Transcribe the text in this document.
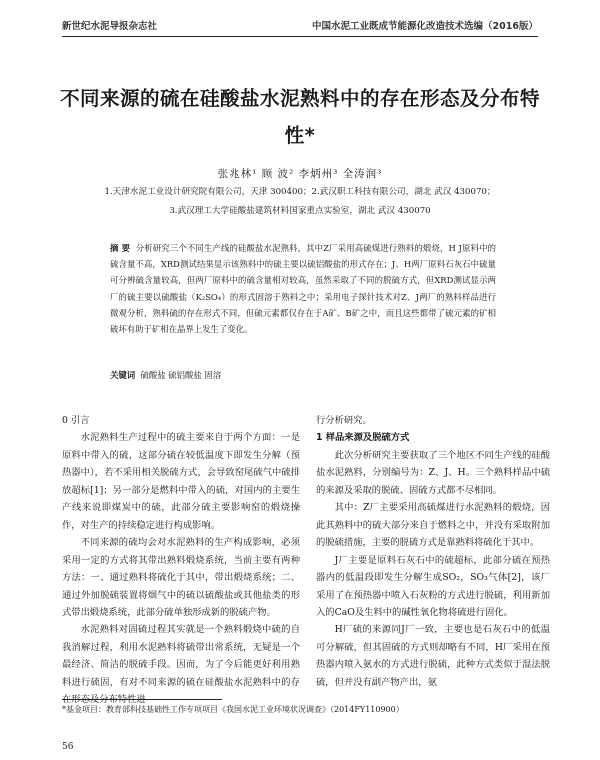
新世纪水泥导报杂志社	中国水泥工业既成节能源化改造技术选编（2016版）
不同来源的硫在硅酸盐水泥熟料中的存在形态及分布特性*
张兆林¹ 顾 波² 李炳州³ 全涛润³
1.天津水泥工业设计研究院有限公司，天津 300400；2.武汉职工科技有限公司，湖北 武汉 430070；
3.武汉理工大学硅酸盐建筑材料国家重点实验室，湖北 武汉 430070
摘 要 分析研究三个不同生产线的硅酸盐水泥熟料，其中Z厂采用高硫煤进行熟料的煅烧，H J原料中的硫含量不高，XRD测试结果显示该熟料中的硫主要以硫铝酸盐的形式存在；J、H两厂原料石灰石中硫量可分辨硫含量较高，但两厂原料中的硫含量相对较高，虽然采取了不同的脱硫方式，但XRD测试显示两厂的硫主要以硫酸盐（K₂SO₄）的形式固溶于熟料之中；采用电子探针技术对Z、J两厂的熟料样品进行微观分析，熟料硫的存在形式不同，但硫元素都仅存在于A矿、B矿之中，而且这些都带了硫元素的矿相破坏有助于矿相在晶界上发生了变化。
关键词 硫酸盐 硫铝酸盐 固溶
0 引言

水泥熟料生产过程中的硫主要来自于两个方面：一是原料中带入的硫，这部分硫在较低温度下即发生分解（预热器中），若不采用相关脱硫方式，会导致窑尾硫气中硫排放超标[1]；另一部分是燃料中带入的硫，对国内的主要生产线来说即煤炭中的硫，此部分硫主要影响窑的煅烧操作，对生产的持续稳定进行构成影响。

不同来源的硫均会对水泥熟料的生产构成影响，必须采用一定的方式将其带出熟料煅烧系统，当前主要有两种方法：一、通过熟料将硫化于其中，带出煅烧系统；二、通过外加脱硫装置将烟气中的硫以硫酸盐或其他盐类的形式带出煅烧系统，此部分硫单独形成新的脱硫产物。

水泥熟料对固硫过程其实就是一个熟料煅烧中硫的自我消解过程，利用水泥熟料将硫带出常系统，无疑是一个最经济、简洁的脱硫手段。因而，为了今后能更好利用熟料进行硫固，有对不同来源的硫在硅酸盐水泥熟料中的存在形态及分布特性进

行分析研究。
1 样品来源及脱硫方式

此次分析研究主要获取了三个地区不同生产线的硅酸盐水泥熟料，分别编号为：Z、J、H。三个熟料样品中硫的来源及采取的脱硫、固硫方式都不尽相同。

其中：Z厂主要采用高硫煤进行水泥熟料的煅烧，因此其熟料中的硫大部分来自于燃料之中，并没有采取附加的脱硫措施，主要的脱硫方式是靠熟料将硫化于其中。

J厂主要是原料石灰石中的硫超标，此部分硫在预热器内的低温段即发生分解生成SO₂，SO₃气体[2]，该厂采用了在预热器中喷入石灰粉的方式进行脱硫，利用新加入的CaO及生料中的碱性氧化物将硫进行固化。

H厂硫的来源同J厂一致，主要也是石灰石中的低温可分解硫，但其固硫的方式则却略有不同，H厂采用在预热器内喷入氨水的方式进行脱硫，此种方式类似于湿法脱硫，但并没有副产物产出，氨

*基金项目：教育部科技基础性工作专项项目《我国水泥工业环境状况调查》（2014FY110900）
56
